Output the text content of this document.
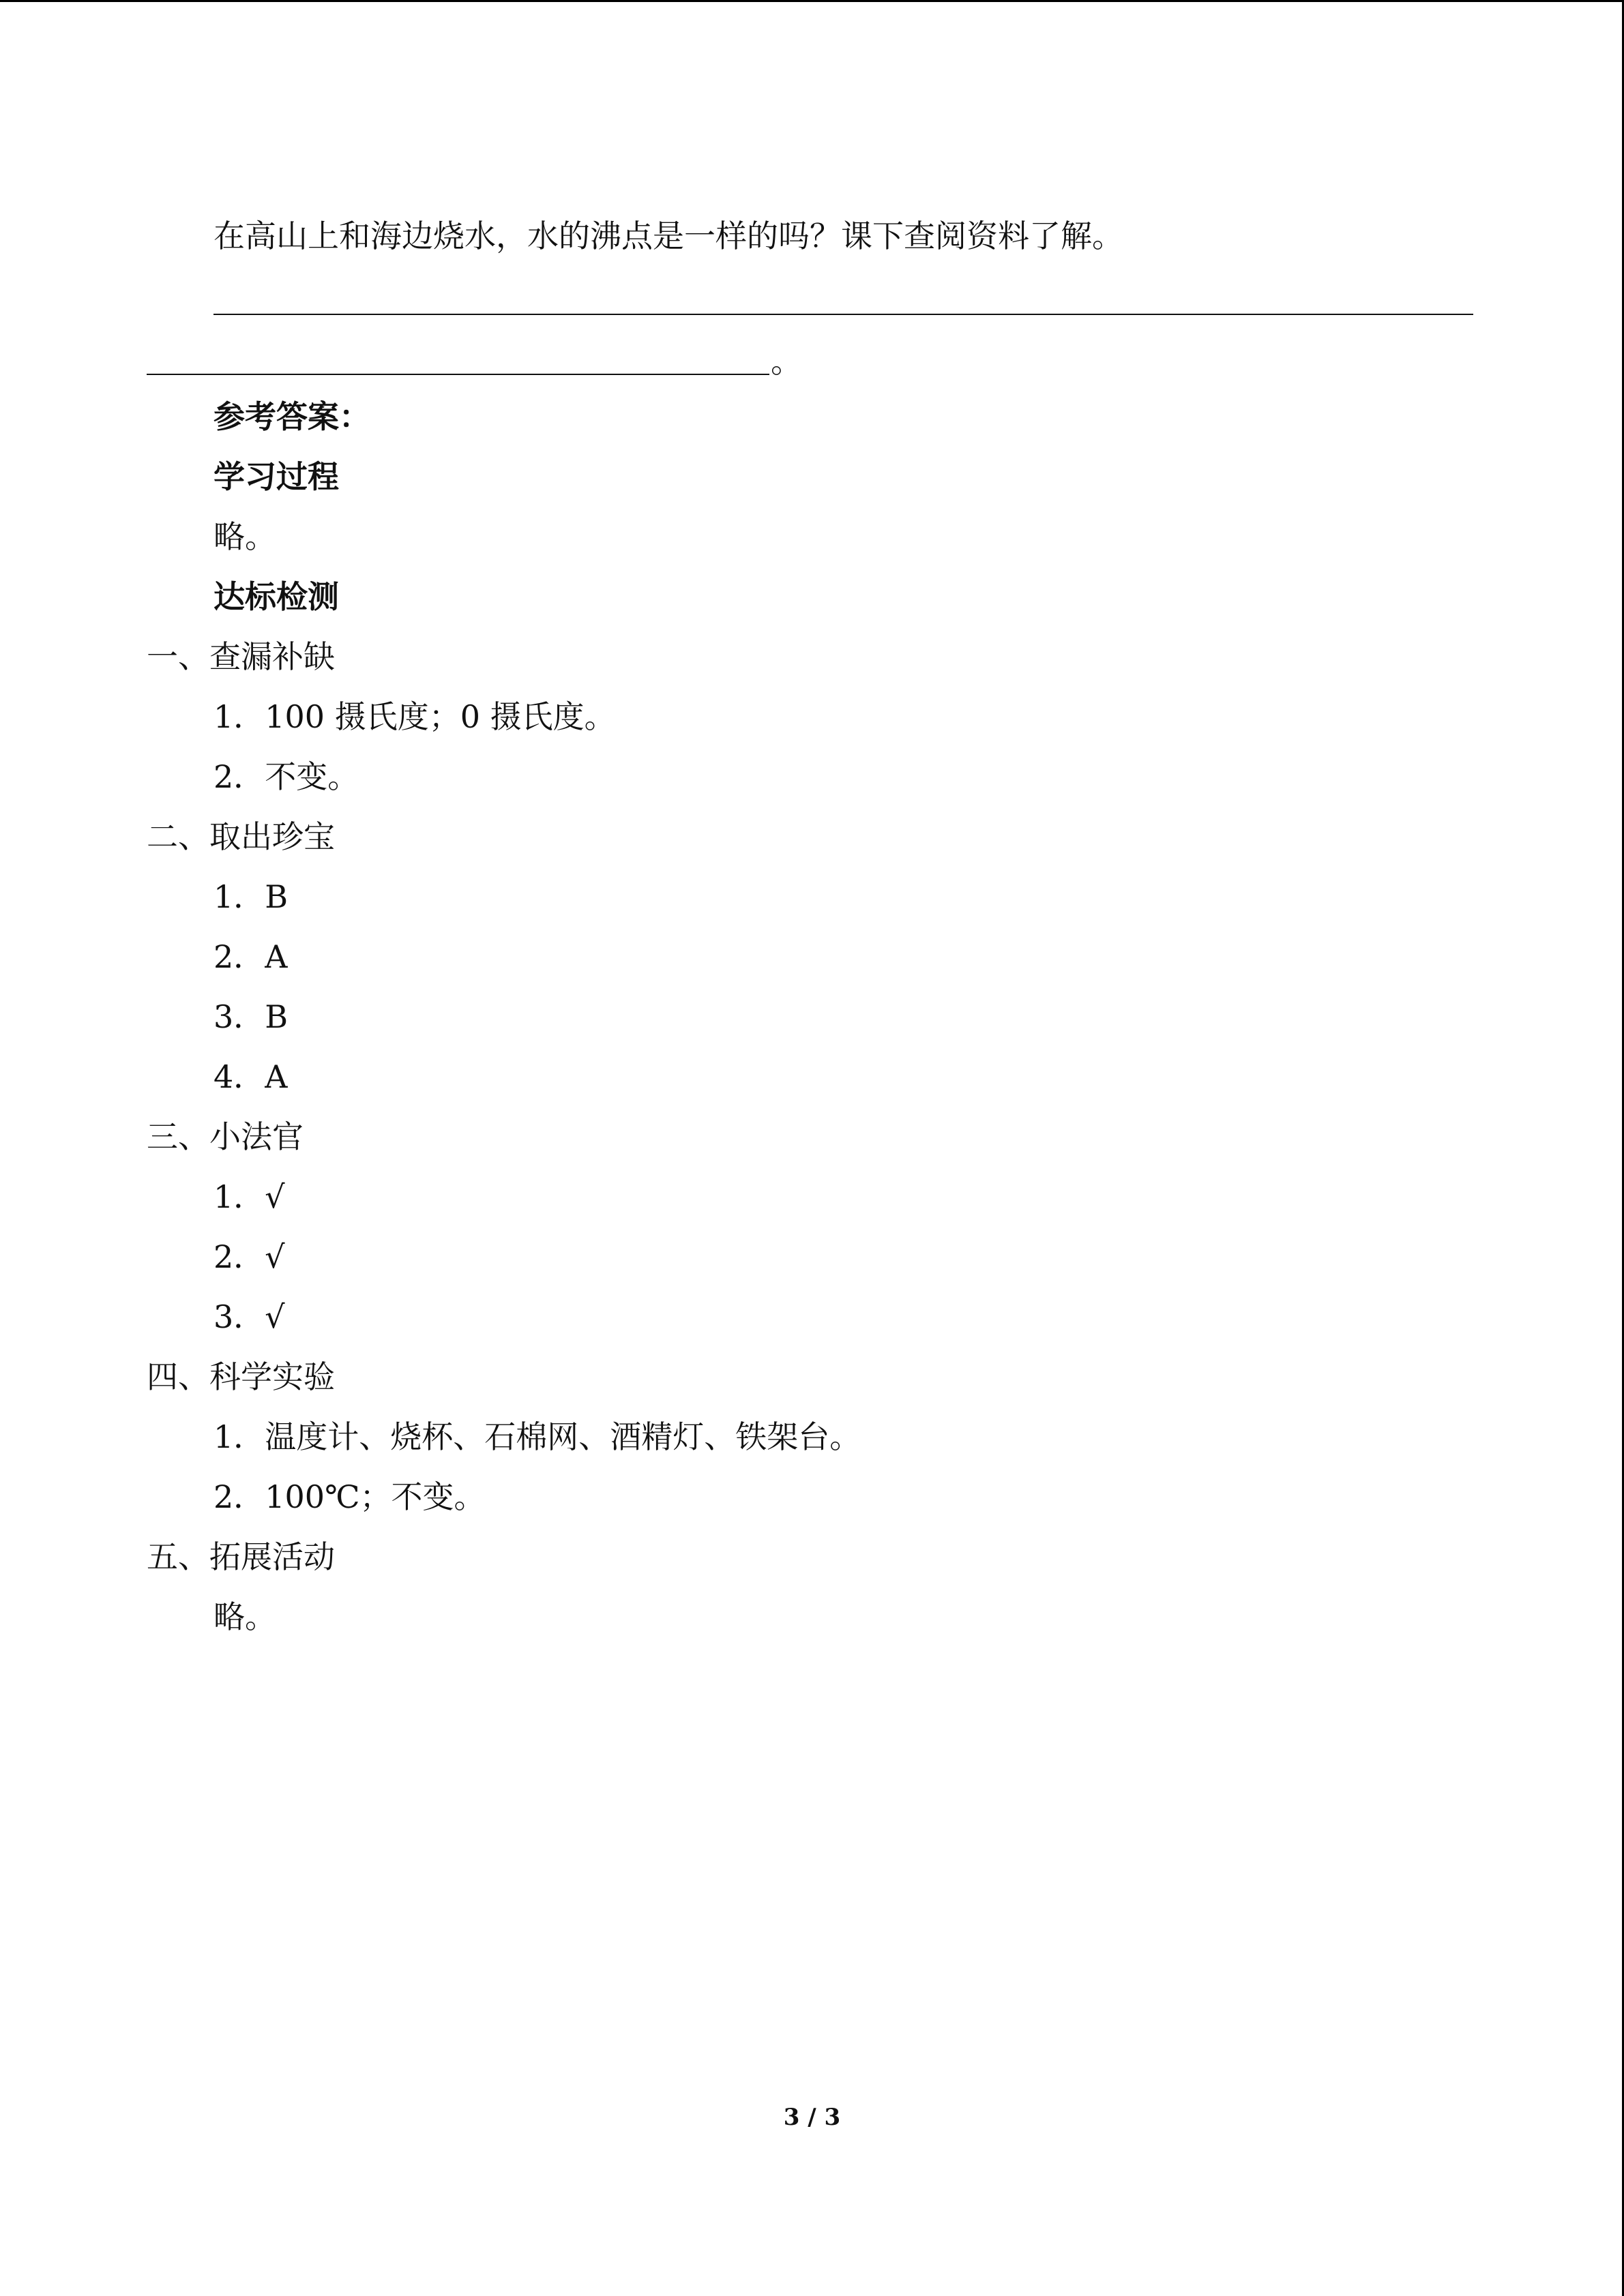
在高山上和海边烧水，水的沸点是一样的吗？课下查阅资料了解。
。
参考答案：
学习过程
略。
达标检测
一、查漏补缺
1．100 摄氏度；0 摄氏度。
2．不变。
二、取出珍宝
1．B
2．A
3．B
4．A
三、小法官
1．√
2．√
3．√
四、科学实验
1．温度计、烧杯、石棉网、酒精灯、铁架台。
2．100℃；不变。
五、拓展活动
略。
3 / 3
